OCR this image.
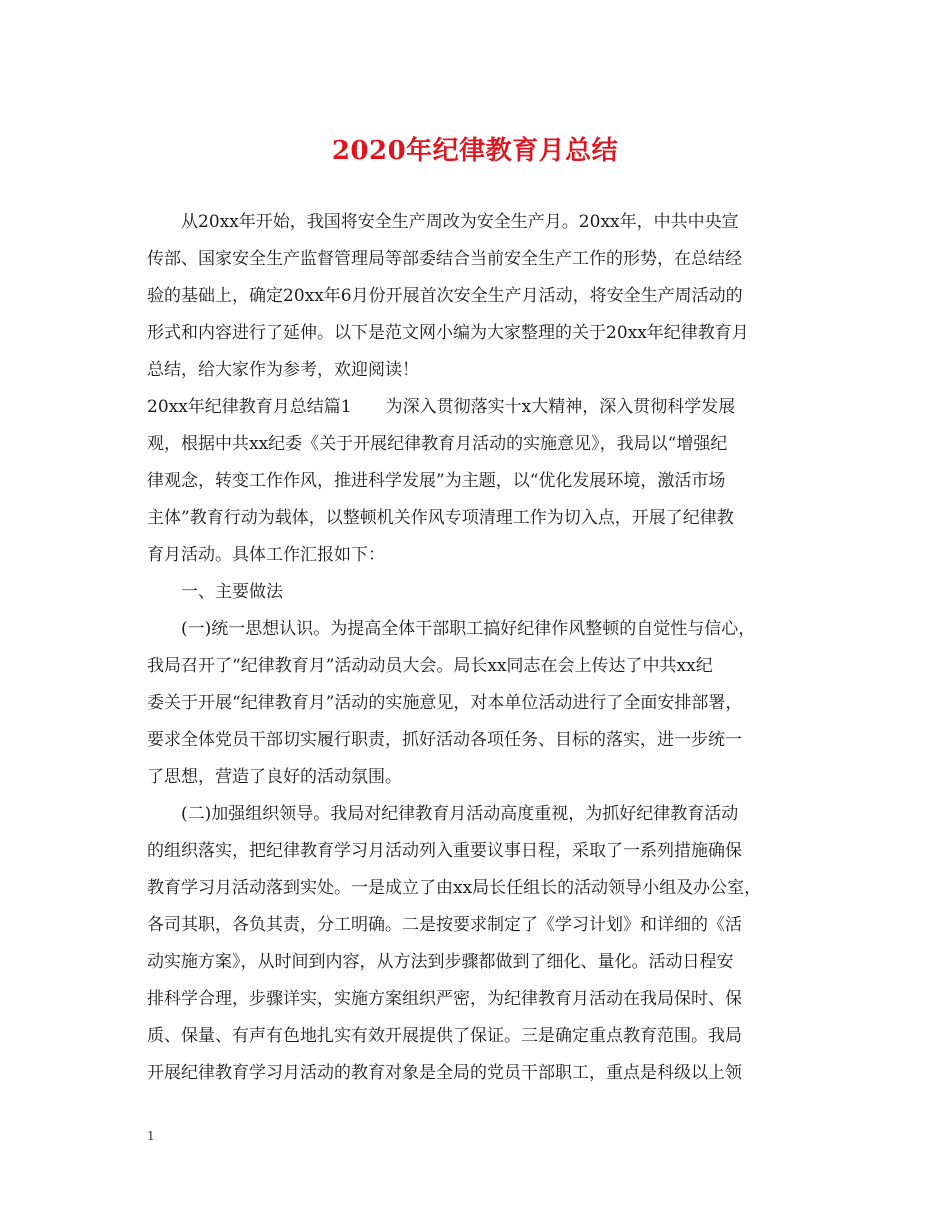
2020年纪律教育月总结
从20xx年开始，我国将安全生产周改为安全生产月。20xx年，中共中央宣
传部、国家安全生产监督管理局等部委结合当前安全生产工作的形势，在总结经
验的基础上，确定20xx年6月份开展首次安全生产月活动，将安全生产周活动的
形式和内容进行了延伸。以下是范文网小编为大家整理的关于20xx年纪律教育月
总结，给大家作为参考，欢迎阅读！
20xx年纪律教育月总结篇1　　为深入贯彻落实十x大精神，深入贯彻科学发展
观，根据中共xx纪委《关于开展纪律教育月活动的实施意见》，我局以“增强纪
律观念，转变工作作风，推进科学发展”为主题，以“优化发展环境，激活市场
主体”教育行动为载体，以整顿机关作风专项清理工作为切入点，开展了纪律教
育月活动。具体工作汇报如下：
一、主要做法
(一)统一思想认识。为提高全体干部职工搞好纪律作风整顿的自觉性与信心，
我局召开了“纪律教育月”活动动员大会。局长xx同志在会上传达了中共xx纪
委关于开展“纪律教育月”活动的实施意见，对本单位活动进行了全面安排部署，
要求全体党员干部切实履行职责，抓好活动各项任务、目标的落实，进一步统一
了思想，营造了良好的活动氛围。
(二)加强组织领导。我局对纪律教育月活动高度重视，为抓好纪律教育活动
的组织落实，把纪律教育学习月活动列入重要议事日程，采取了一系列措施确保
教育学习月活动落到实处。一是成立了由xx局长任组长的活动领导小组及办公室，
各司其职，各负其责，分工明确。二是按要求制定了《学习计划》和详细的《活
动实施方案》，从时间到内容，从方法到步骤都做到了细化、量化。活动日程安
排科学合理，步骤详实，实施方案组织严密，为纪律教育月活动在我局保时、保
质、保量、有声有色地扎实有效开展提供了保证。三是确定重点教育范围。我局
开展纪律教育学习月活动的教育对象是全局的党员干部职工，重点是科级以上领
1
